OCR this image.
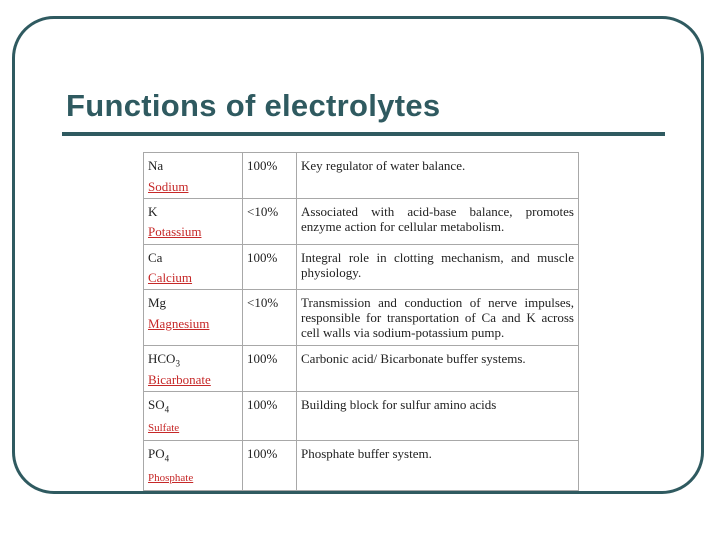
Functions of electrolytes
Na
Sodium	100%	Key regulator of water balance.

K
Potassium	<10%	Associated with acid-base balance, promotes enzyme action for cellular metabolism.

Ca
Calcium	100%	Integral role in clotting mechanism, and muscle physiology.

Mg
Magnesium	<10%	Transmission and conduction of nerve impulses, responsible for transportation of Ca and K across cell walls via sodium-potassium pump.

$HCO_3$
Bicarbonate	100%	Carbonic acid/ Bicarbonate buffer systems.

$SO_4$
Sulfate	100%	Building block for sulfur amino acids

$PO_4$
Phosphate	100%	Phosphate buffer system.
